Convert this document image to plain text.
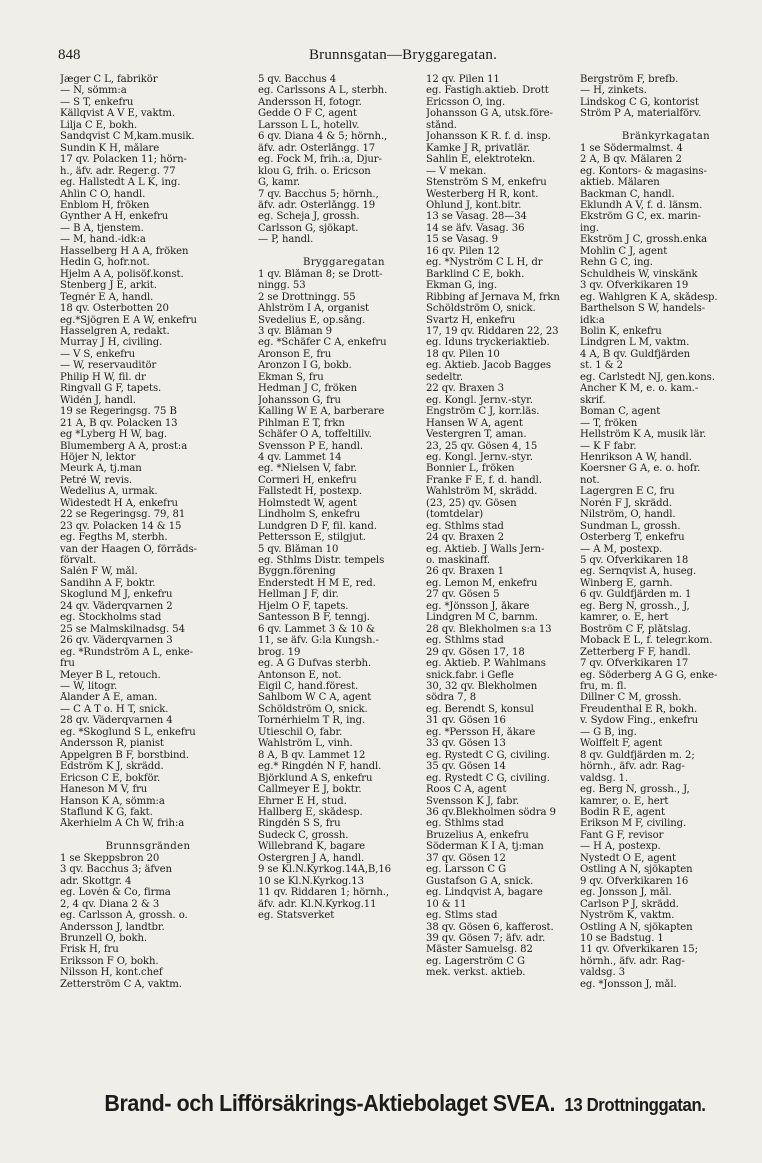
848	Brunnsgatan—Bryggaregatan.
Jæger C L, fabrikör
— N, sömm:a
— S T, enkefru
Källqvist A V E, vaktm.
Lilja C E, bokh.
Sandqvist C M,kam.musik.
Sundin K H, målare
17 qv. Polacken 11; hörn-
h., äfv. adr. Reger.g. 77
eg. Hallstedt A L K, ing.
Ahlin C O, handl.
Enblom H, fröken
Gynther A H, enkefru
— B A, tjenstem.
— M, hand.-idk:a
Hasselberg H A A, fröken
Hedin G, hofr.not.
Hjelm A A, polisöf.konst.
Stenberg J E, arkit.
Tegnér E A, handl.
18 qv. Österbotten 20
eg.*Sjögren E A W, enkefru
Hasselgren A, redakt.
Murray J H, civiling.
— V S, enkefru
— W, reservauditör
Philip H W, fil. dr
Ringvall G F, tapets.
Widén J, handl.
19 se Regeringsg. 75 B
21 A, B qv. Polacken 13
eg *Lyberg H W, bag.
Blumemberg A A, prost:a
Höjer N, lektor
Meurk A, tj.man
Petré W, revis.
Wedelius A, urmak.
Widestedt H A, enkefru
22 se Regeringsg. 79, 81
23 qv. Polacken 14 & 15
eg. Fegths M, sterbh.
van der Haagen O, förråds-
förvalt.
Salén F W, mål.
Sandihn A F, boktr.
Skoglund M J, enkefru
24 qv. Väderqvarnen 2
eg. Stockholms stad
25 se Malmskilnadsg. 54
26 qv. Väderqvarnen 3
eg. *Rundström A L, enke-
fru
Meyer B L, retouch.
— W, litogr.
Ålander A E, aman.
— C A T o. H T, snick.
28 qv. Väderqvarnen 4
eg. *Skoglund S L, enkefru
Andersson R, pianist
Appelgren B F, borstbind.
Edström K J, skrädd.
Ericson C E, bokför.
Haneson M V, fru
Hanson K A, sömm:a
Staflund K G, fakt.
Åkerhielm A Ch W, frih:a

Brunnsgränden
1 se Skeppsbron 20
3 qv. Bacchus 3; äfven
adr. Skottgr. 4
eg. Lovén & Co, firma
2, 4 qv. Diana 2 & 3
eg. Carlsson A, grossh. o.
Andersson J, landtbr.
Brunzell O, bokh.
Frisk H, fru
Eriksson F O, bokh.
Nilsson H, kont.chef
Zetterström C A, vaktm.
5 qv. Bacchus 4
eg. Carlssons A L, sterbh.
Andersson H, fotogr.
Gedde O F C, agent
Larsson L L, hotellv.
6 qv. Diana 4 & 5; hörnh.,
äfv. adr. Österlångg. 17
eg. Fock M, frih.:a, Djur-
klou G, frih. o. Ericson
G, kamr.
7 qv. Bacchus 5; hörnh.,
äfv. adr. Österlångg. 19
eg. Scheja J, grossh.
Carlsson G, sjökapt.
— P, handl.

Bryggaregatan
1 qv. Blåman 8; se Drott-
ningg. 53
2 se Drottningg. 55
Ahlström I A, organist
Svedelius E, op.sång.
3 qv. Blåman 9
eg. *Schäfer C A, enkefru
Aronson E, fru
Aronzon I G, bokb.
Ekman S, fru
Hedman J C, fröken
Johansson G, fru
Kalling W E A, barberare
Pihlman E T, frkn
Schäfer O A, toffeltillv.
Svensson P E, handl.
4 qv. Lammet 14
eg. *Nielsen V, fabr.
Cormeri H, enkefru
Fallstedt H, postexp.
Holmstedt W, agent
Lindholm S, enkefru
Lundgren D F, fil. kand.
Pettersson E, stilgjut.
5 qv. Blåman 10
eg. Sthlms Distr. tempels
Byggn.förening
Enderstedt H M E, red.
Hellman J F, dir.
Hjelm O F, tapets.
Santesson B F, tenngj.
6 qv. Lammet 3 & 10 &
11, se äfv. G:la Kungsh.-
brog. 19
eg. A G Dufvas sterbh.
Antonson E, not.
Eigil C, hand.förest.
Sahlbom W C A, agent
Schöldström O, snick.
Tornérhielm T R, ing.
Utieschil O, fabr.
Wahlström L, vinh.
8 A, B qv. Lammet 12
eg.* Ringdén N F, handl.
Björklund A S, enkefru
Callmeyer E J, boktr.
Ehrner E H, stud.
Hallberg E, skådesp.
Ringdén S S, fru
Sudeck C, grossh.
Willebrand K, bagare
Östergren J A, handl.
9 se Kl.N.Kyrkog.14A,B,16
10 se Kl.N.Kyrkog.13
11 qv. Riddaren 1; hörnh.,
äfv. adr. Kl.N.Kyrkog.11
eg. Statsverket
12 qv. Pilen 11
eg. Fastigh.aktieb. Drott
Ericsson O, ing.
Johansson G A, utsk.före-
stånd.
Johansson K R. f. d. insp.
Kamke J R, privatlär.
Sahlin E, elektrotekn.
— V mekan.
Stenström S M, enkefru
Westerberg H R, kont.
Öhlund J, kont.bitr.
13 se Vasag. 28—34
14 se äfv. Vasag. 36
15 se Vasag. 9
16 qv. Pilen 12
eg. *Nyström C L H, dr
Barklind C E, bokh.
Ekman G, ing.
Ribbing af Jernava M, frkn
Schöldström O, snick.
Svartz H, enkefru
17, 19 qv. Riddaren 22, 23
eg. Iduns tryckeriaktieb.
18 qv. Pilen 10
eg. Aktieb. Jacob Bagges
sedeltr.
22 qv. Braxen 3
eg. Kongl. Jernv.-styr.
Engström C J, korr.läs.
Hansen W A, agent
Vestergren T, aman.
23, 25 qv. Gösen 4, 15
eg. Kongl. Jernv.-styr.
Bonnier L, fröken
Franke F E, f. d. handl.
Wahlström M, skrädd.
(23, 25) qv. Gösen
(tomtdelar)
eg. Sthlms stad
24 qv. Braxen 2
eg. Aktieb. J Walls Jern-
o. maskinaff.
26 qv. Braxen 1
eg. Lemon M, enkefru
27 qv. Gösen 5
eg. *Jönsson J, åkare
Lindgren M C, barnm.
28 qv. Blekholmen s:a 13
eg. Sthlms stad
29 qv. Gösen 17, 18
eg. Aktieb. P. Wahlmans
snick.fabr. i Gefle
30, 32 qv. Blekholmen
södra 7, 8
eg. Berendt S, konsul
31 qv. Gösen 16
eg. *Persson H, åkare
33 qv. Gösen 13
eg. Rystedt C G, civiling.
35 qv. Gösen 14
eg. Rystedt C G, civiling.
Roos C A, agent
Svensson K J, fabr.
36 qv.Blekholmen södra 9
eg. Sthlms stad
Bruzelius A, enkefru
Söderman K I A, tj:man
37 qv. Gösen 12
eg. Larsson C G
Gustafson G A, snick.
eg. Lindqvist A, bagare
10 & 11
eg. Stlms stad
38 qv. Gösen 6, kafferost.
39 qv. Gösen 7; äfv. adr.
Mäster Samuelsg. 82
eg. Lagerström C G
mek. verkst. aktieb.
Bergström F, brefb.
— H, zinkets.
Lindskog C G, kontorist
Ström P A, materialförv.

Bränkyrkagatan
1 se Södermalmst. 4
2 A, B qv. Mälaren 2
eg. Kontors- & magasins-
aktieb. Mälaren
Backman C, handl.
Eklundh A V, f. d. länsm.
Ekström G C, ex. marin-
ing.
Ekström J C, grossh.enka
Mohlin C J, agent
Rehn G C, ing.
Schuldheis W, vinskänk
3 qv. Öfverkikaren 19
eg. Wahlgren K A, skådesp.
Barthelson S W, handels-
idk:a
Bolin K, enkefru
Lindgren L M, vaktm.
4 A, B qv. Guldfjärden
st. 1 & 2
eg. Carlstedt NJ, gen.kons.
Ancher K M, e. o. kam.-
skrif.
Boman C, agent
— T, fröken
Hellström K A, musik lär.
— K F fabr.
Henrikson A W, handl.
Koersner G A, e. o. hofr.
not.
Lagergren E C, fru
Norén F J, skrädd.
Nilström, O, handl.
Sundman L, grossh.
Österberg T, enkefru
— A M, postexp.
5 qv. Öfverkikaren 18
eg. Sernqvist A, huseg.
Winberg E, garnh.
6 qv. Guldfjärden m. 1
eg. Berg N, grossh., J,
kamrer, o. E, hert
Boström C F, plåtslag.
Moback E L, f. telegr.kom.
Zetterberg F F, handl.
7 qv. Öfverkikaren 17
eg. Söderberg A G G, enke-
fru, m. fl.
Dillner C M, grossh.
Freudenthal E R, bokh.
v. Sydow Fing., enkefru
— G B, ing.
Wolffelt F, agent
8 qv. Guldfjärden m. 2;
hörnh., äfv. adr. Rag-
valdsg. 1.
eg. Berg N, grossh., J,
kamrer, o. E, hert
Bodin R E, agent
Erikson M F, civiling.
Fant G F, revisor
— H A, postexp.
Nystedt O E, agent
Östling A N, sjökapten
9 qv. Öfverkikaren 16
eg. Jonsson J, mål.
Carlson P J, skrädd.
Nyström K, vaktm.
Östling A N, sjökapten
10 se Badstug. 1
11 qv. Öfverkikaren 15;
hörnh., äfv. adr. Rag-
valdsg. 3
eg. *Jonsson J, mål.
Brand- och Lifförsäkrings-Aktiebolaget SVEA. 13 Drottninggatan.
